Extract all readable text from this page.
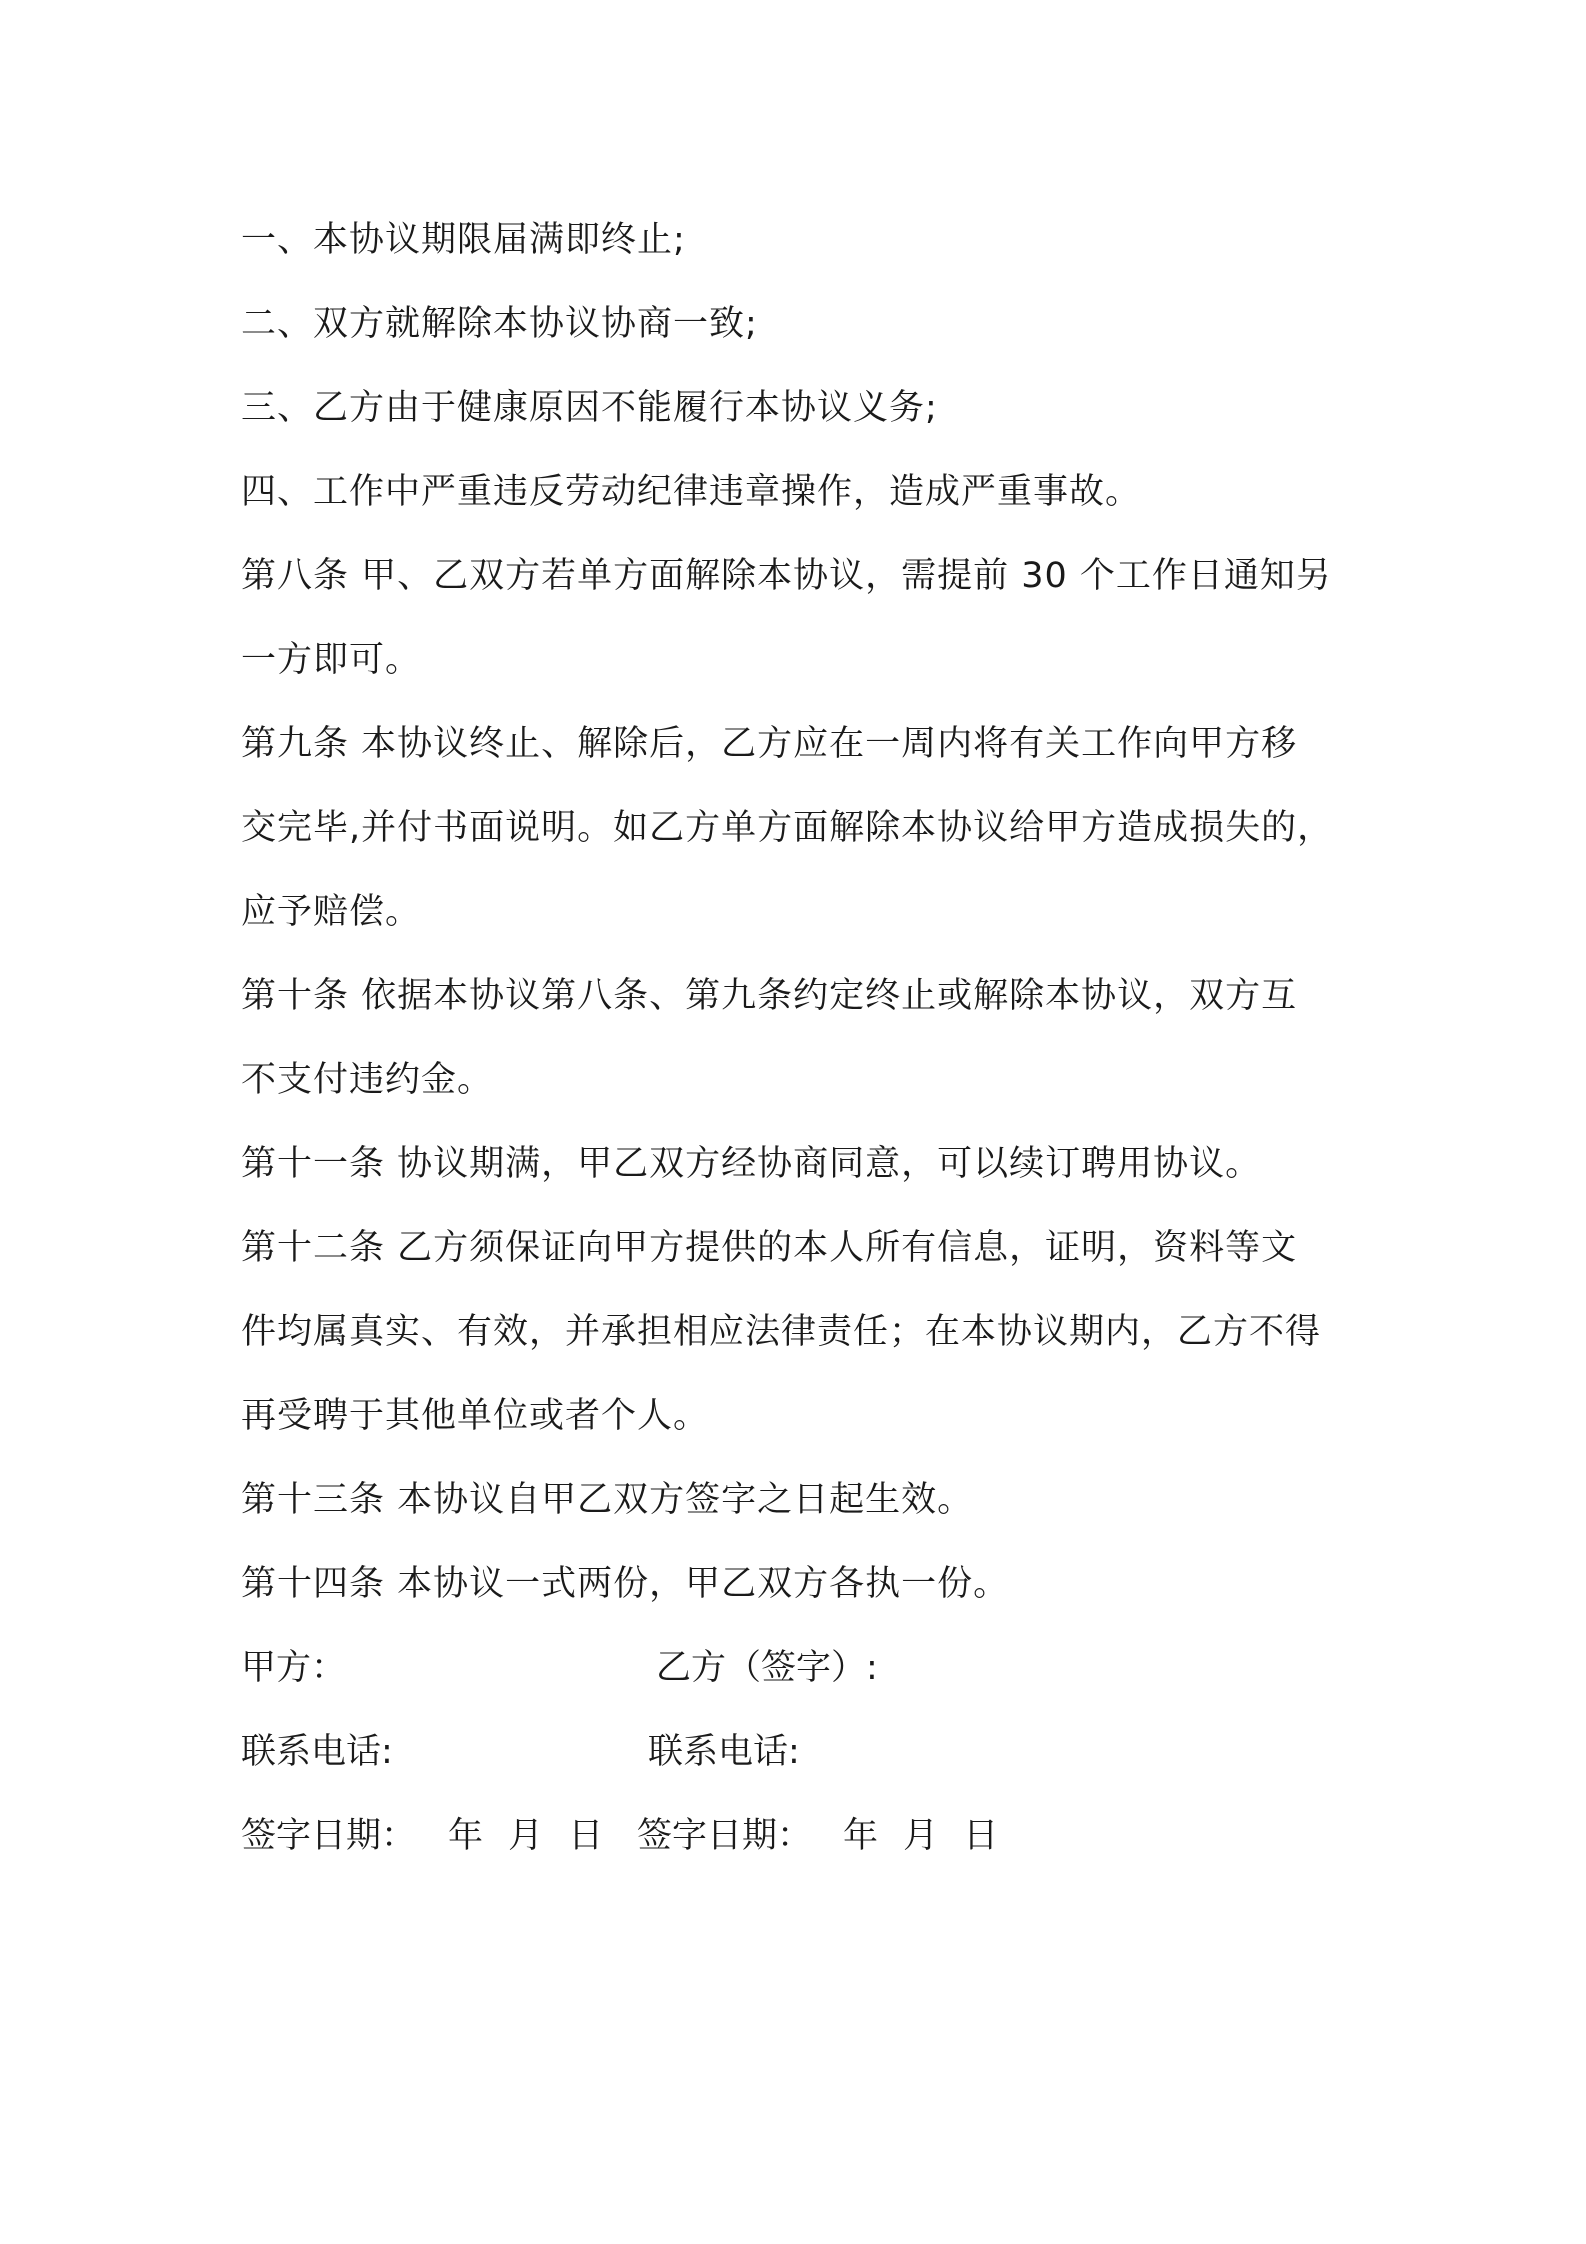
一、本协议期限届满即终止;
二、双方就解除本协议协商一致;
三、乙方由于健康原因不能履行本协议义务;
四、工作中严重违反劳动纪律违章操作，造成严重事故。
第八条 甲、乙双方若单方面解除本协议，需提前 30 个工作日通知另
一方即可。
第九条 本协议终止、解除后，乙方应在一周内将有关工作向甲方移
交完毕,并付书面说明。如乙方单方面解除本协议给甲方造成损失的，
应予赔偿。
第十条 依据本协议第八条、第九条约定终止或解除本协议，双方互
不支付违约金。
第十一条 协议期满，甲乙双方经协商同意，可以续订聘用协议。
第十二条 乙方须保证向甲方提供的本人所有信息，证明，资料等文
件均属真实、有效，并承担相应法律责任；在本协议期内，乙方不得
再受聘于其他单位或者个人。
第十三条 本协议自甲乙双方签字之日起生效。
第十四条 本协议一式两份，甲乙双方各执一份。
甲方：	乙方（签字）:
联系电话:	联系电话:
签字日期： 年 月 日 签字日期： 年 月 日
